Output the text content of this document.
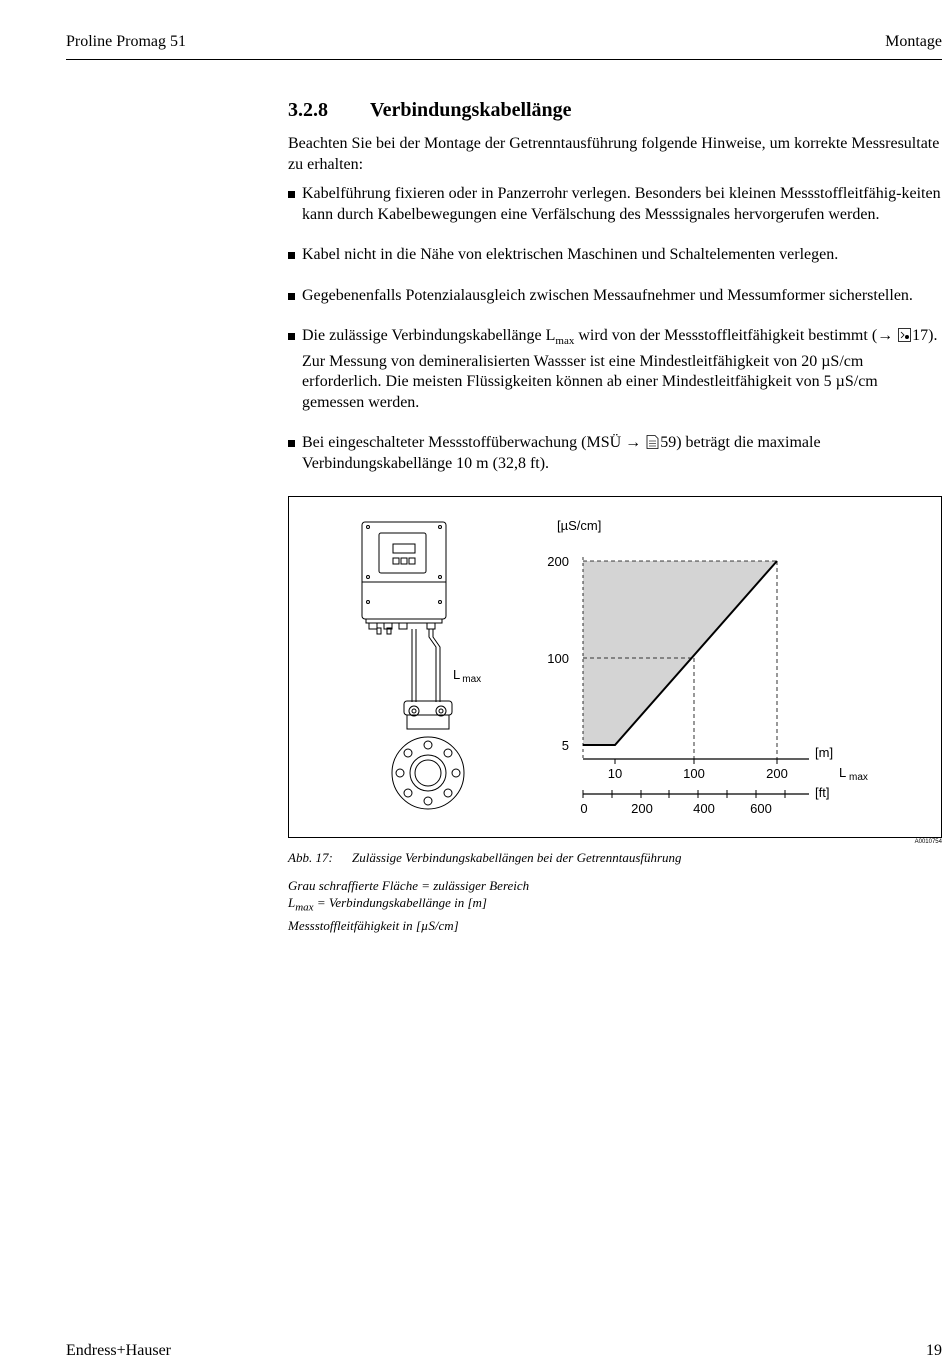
Proline Promag 51	Montage
3.2.8 Verbindungskabellänge

Beachten Sie bei der Montage der Getrenntausführung folgende Hinweise, um korrekte Messresultate zu erhalten:

Kabelführung fixieren oder in Panzerrohr verlegen. Besonders bei kleinen Messstoffleitfähig-keiten kann durch Kabelbewegungen eine Verfälschung des Messsignales hervorgerufen werden.
Kabel nicht in die Nähe von elektrischen Maschinen und Schaltelementen verlegen.
Gegebenenfalls Potenzialausgleich zwischen Messaufnehmer und Messumformer sicherstellen.
Die zulässige Verbindungskabellänge $L_{max}$ wird von der Messstoffleitfähigkeit bestimmt (→ 17). Zur Messung von demineralisierten Wassser ist eine Mindestleitfähigkeit von 20 µS/cm erforderlich. Die meisten Flüssigkeiten können ab einer Mindestleitfähigkeit von 5 µS/cm gemessen werden.
Bei eingeschalteter Messstoffüberwachung (MSÜ → 59) beträgt die maximale Verbindungskabellänge 10 m (32,8 ft).
L $_{max}$
200
100
5
[µS/cm]
10	100	200
0	200	400	600
[m]
[ft]
L max
A0010754
Abb. 17: Zulässige Verbindungskabellängen bei der Getrenntausführung
Grau schraffierte Fläche = zulässiger Bereich
$L_{max}$ = Verbindungskabellänge in [m]
Messstoffleitfähigkeit in [µS/cm]
Endress+Hauser	19
